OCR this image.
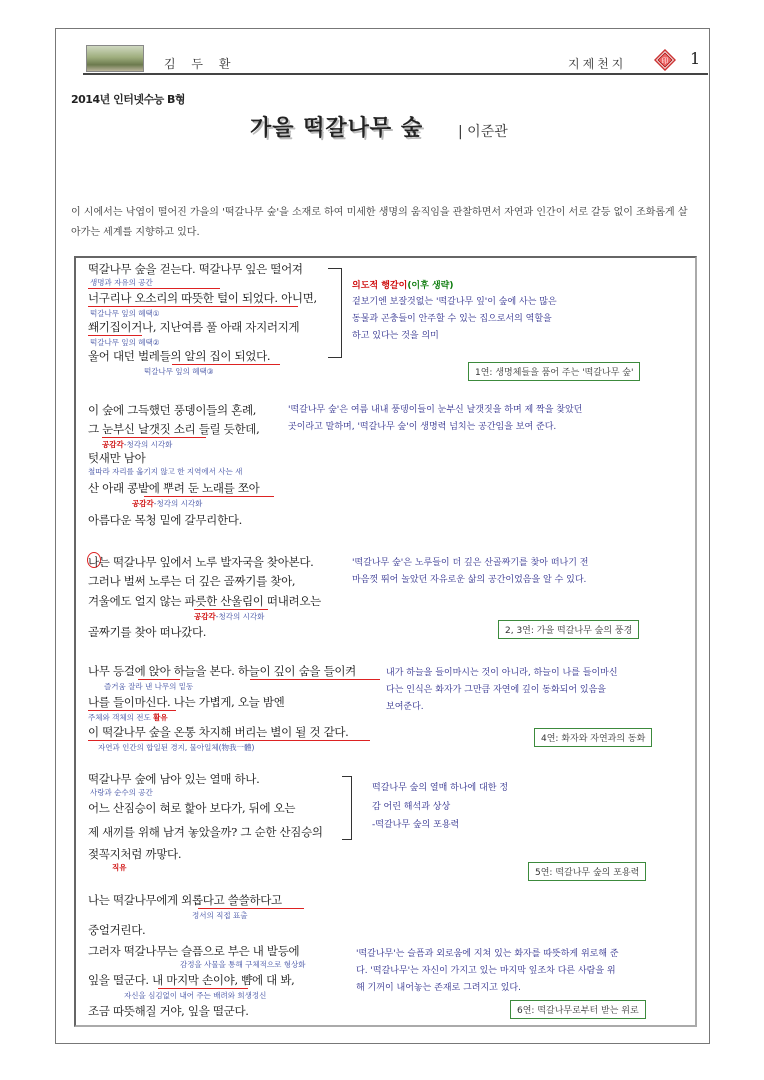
김 두 환	지제천지	印 1
2014년 인터넷수능 B형
가을 떡갈나무 숲 | 이준관
이 시에서는 낙엽이 떨어진 가을의 '떡갈나무 숲'을 소재로 하여 미세한 생명의 움직임을 관찰하면서 자연과 인간이 서로 갈등 없이 조화롭게 살아가는 세계를 지향하고 있다.
떡갈나무 숲을 걷는다. 떡갈나무 잎은 떨어져
생명과 자유의 공간
너구리나 오소리의 따뜻한 털이 되었다. 아니면,
떡갈나무 잎의 혜택①
쐐기집이거나, 지난여름 풀 아래 자지러지게
떡갈나무 잎의 혜택②
울어 대던 벌레들의 알의 집이 되었다.
떡갈나무 잎의 혜택③
의도적 행갈이(이후 생략)
겉보기엔 보잘것없는 '떡갈나무 잎'이 숲에 사는 많은
동물과 곤충들이 안주할 수 있는 집으로서의 역할을
하고 있다는 것을 의미
1연: 생명체들을 품어 주는 '떡갈나무 숲'
이 숲에 그득했던 풍뎅이들의 혼례,
그 눈부신 날갯짓 소리 들릴 듯한데,
공감각-청각의 시각화
텃새만 남아
철따라 자리를 옮기지 않고 한 지역에서 사는 새
산 아래 콩밭에 뿌려 둔 노래를 쪼아
공감각-청각의 시각화
아름다운 목청 밑에 갈무리한다.
'떡갈나무 숲'은 여름 내내 풍뎅이들이 눈부신 날갯짓을 하며 제 짝을 찾았던
곳이라고 말하며, '떡갈나무 숲'이 생명력 넘치는 공간임을 보여 준다.
나는 떡갈나무 잎에서 노루 발자국을 찾아본다.
그러나 벌써 노루는 더 깊은 골짜기를 찾아,
겨울에도 얼지 않는 파릇한 산울림이 떠내려오는
공감각-청각의 시각화
골짜기를 찾아 떠나갔다.
'떡갈나무 숲'은 노루들이 더 깊은 산골짜기를 찾아 떠나기 전
마음껏 뛰어 놀았던 자유로운 삶의 공간이었음을 알 수 있다.
2, 3연: 가을 떡갈나무 숲의 풍경
나무 등걸에 앉아 하늘을 본다. 하늘이 깊이 숨을 들이켜
즐거움 잘라 낸 나무의 밑동
나를 들이마신다. 나는 가볍게, 오늘 밤엔
주체와 객체의 전도 활유
이 떡갈나무 숲을 온통 차지해 버리는 별이 될 것 같다.
자연과 인간의 합일된 경지, 물아일체(物我一體)
내가 하늘을 들이마시는 것이 아니라, 하늘이 나를 들이마신
다는 인식은 화자가 그만큼 자연에 깊이 동화되어 있음을
보여준다.
4연: 화자와 자연과의 동화
떡갈나무 숲에 남아 있는 열매 하나.
사랑과 순수의 공간
어느 산짐승이 혀로 핥아 보다가, 뒤에 오는
제 새끼를 위해 남겨 놓았을까? 그 순한 산짐승의
젖꼭지처럼 까맣다.
직유
떡갈나무 숲의 열매 하나에 대한 정
감 어린 해석과 상상
-떡갈나무 숲의 포용력
5연: 떡갈나무 숲의 포용력
나는 떡갈나무에게 외롭다고 쓸쓸하다고
정서의 직접 표출
중얼거린다.
그러자 떡갈나무는 슬픔으로 부은 내 발등에
감정을 사물을 통해 구체적으로 형상화
잎을 떨군다. 내 마지막 손이야, 뺨에 대 봐,
자신을 심김없이 내어 주는 배려와 희생정신
조금 따뜻해질 거야, 잎을 떨군다.
'떡갈나무'는 슬픔과 외로움에 지쳐 있는 화자를 따뜻하게 위로해 준
다. '떡갈나무'는 자신이 가지고 있는 마지막 잎조차 다른 사람을 위
해 기꺼이 내어놓는 존재로 그려지고 있다.
6연: 떡갈나무로부터 받는 위로
